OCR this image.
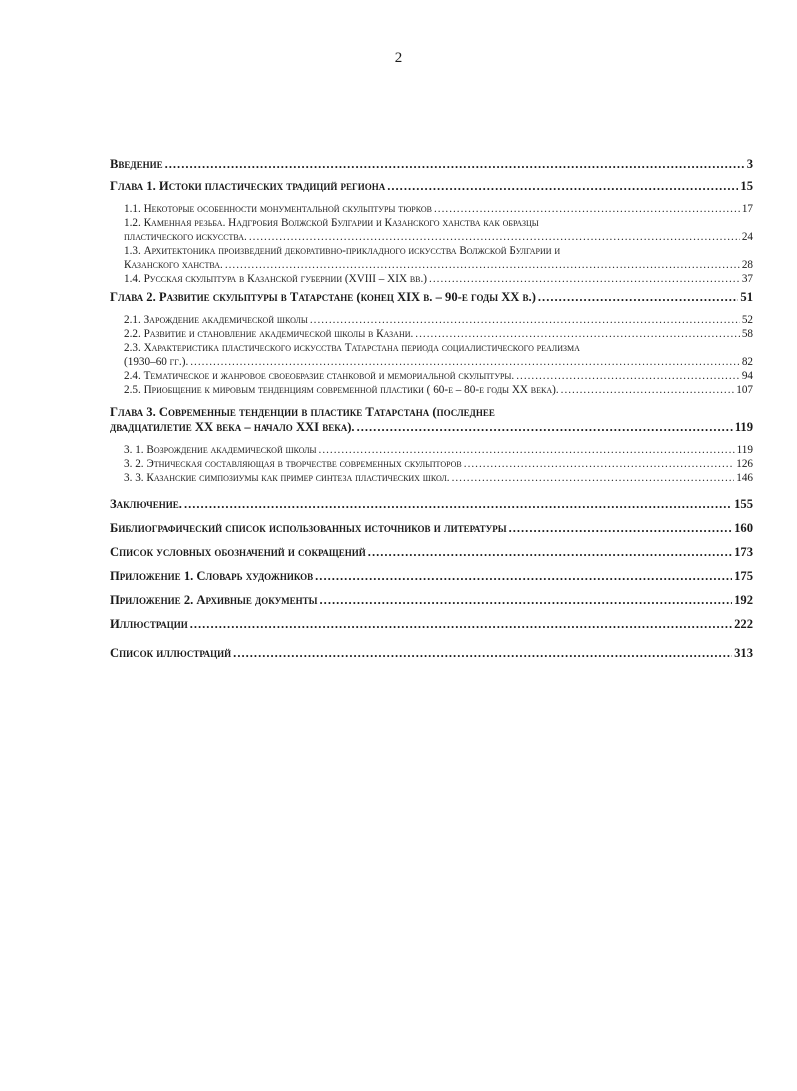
2
Введение .....	3
Глава 1. Истоки пластических традиций региона .....	15
1.1. Некоторые особенности монументальной скульптуры тюрков .....	17
1.2. Каменная резьба. Надгробия Волжской Булгарии и Казанского ханства как образцы
пластического искусства. .....	24
1.3. Архитектоника произведений декоративно-прикладного искусства Волжской Булгарии и
Казанского ханства. .....	28
1.4. Русская скульптура в Казанской губернии (XVIII – XIX вв.) .....	37
Глава 2. Развитие скульптуры в Татарстане (конец XIX в. – 90-е годы XX в.) .....	51
2.1. Зарождение академической школы .....	52
2.2. Развитие и становление академической школы в Казани. .....	58
2.3. Характеристика пластического искусства Татарстана периода социалистического реализма
(1930–60 гг.). .....	82
2.4. Тематическое и жанровое своеобразие станковой и мемориальной скульптуры. .....	94
2.5. Приобщение к мировым тенденциям современной пластики ( 60-е – 80-е годы XX века). .....	107
Глава 3. Современные тенденции в пластике Татарстана (последнее
двадцатилетие XX века – начало XXI века). .....	119
3. 1. Возрождение академической школы .....	119
3. 2. Этническая составляющая в творчестве современных скульпторов .....	126
3. 3. Казанские симпозиумы как пример синтеза пластических школ. .....	146
Заключение. .....	155
Библиографический список использованных источников и литературы .....	160
Список условных обозначений и сокращений .....	173
Приложение 1. Словарь художников .....	175
Приложение 2. Архивные документы .....	192
Иллюстрации .....	222
Список иллюстраций .....	313
